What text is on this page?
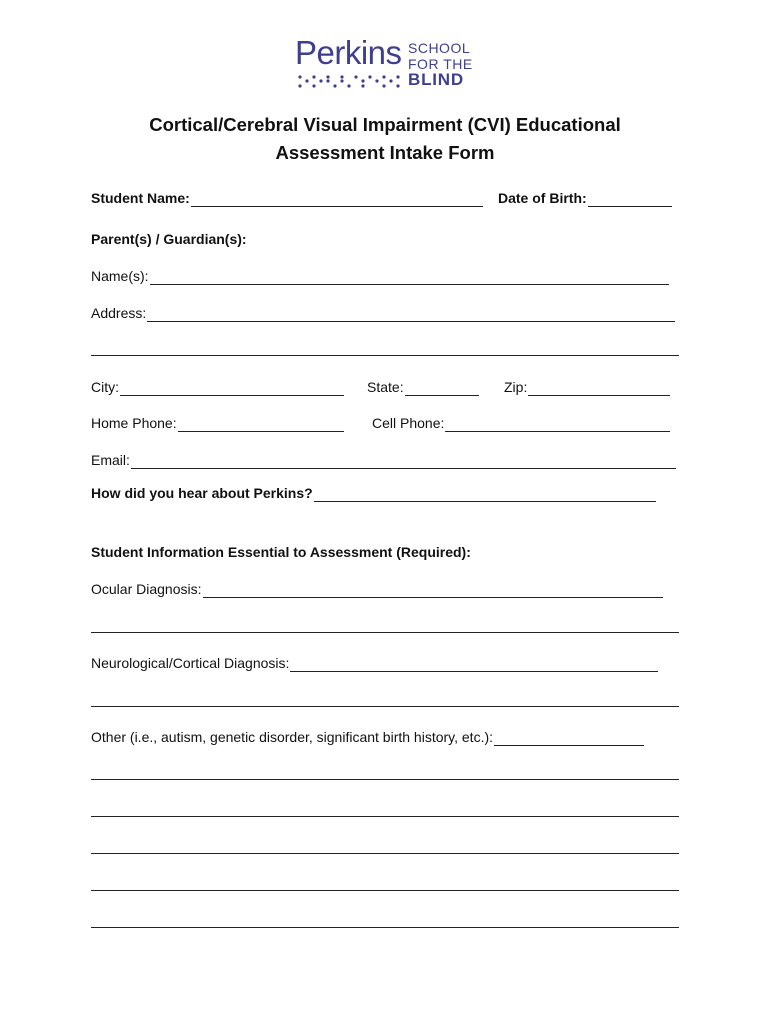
Perkins SCHOOL
FOR THE
BLIND
Cortical/Cerebral Visual Impairment (CVI) Educational
Assessment Intake Form
Student Name:	Date of Birth:
Parent(s) / Guardian(s):
Name(s):
Address:
City:	State:	Zip:
Home Phone:	Cell Phone:
Email:
How did you hear about Perkins?
Student Information Essential to Assessment (Required):
Ocular Diagnosis:
Neurological/Cortical Diagnosis:
Other (i.e., autism, genetic disorder, significant birth history, etc.):
